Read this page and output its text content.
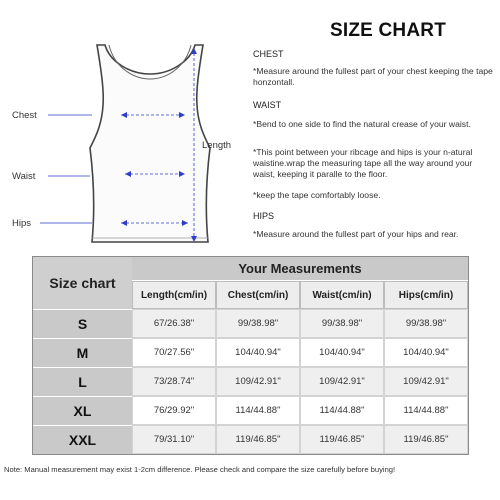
Chest
Waist
Hips
Length
SIZE CHART
CHEST
*Measure around the fullest part of your chest keeping the tape honzontall.
WAIST
*Bend to one side to find the natural crease of your waist.
*This point between your ribcage and hips is your n-atural waistine.wrap the measuring tape all the way around your waist, keeping it paralle to the floor.
*keep the tape comfortably loose.
HIPS
*Measure around the fullest part of your hips and rear.
Size chart
Your Measurements
Length(cm/in)	Chest(cm/in)	Waist(cm/in)	Hips(cm/in)
S	67/26.38"	99/38.98"	99/38.98"	99/38.98"
M	70/27.56"	104/40.94"	104/40.94"	104/40.94"
L	73/28.74"	109/42.91"	109/42.91"	109/42.91"
XL	76/29.92"	114/44.88"	114/44.88"	114/44.88"
XXL	79/31.10"	119/46.85"	119/46.85"	119/46.85"
Note: Manual measurement may exist 1-2cm difference. Please check and compare the size carefully before buying!
